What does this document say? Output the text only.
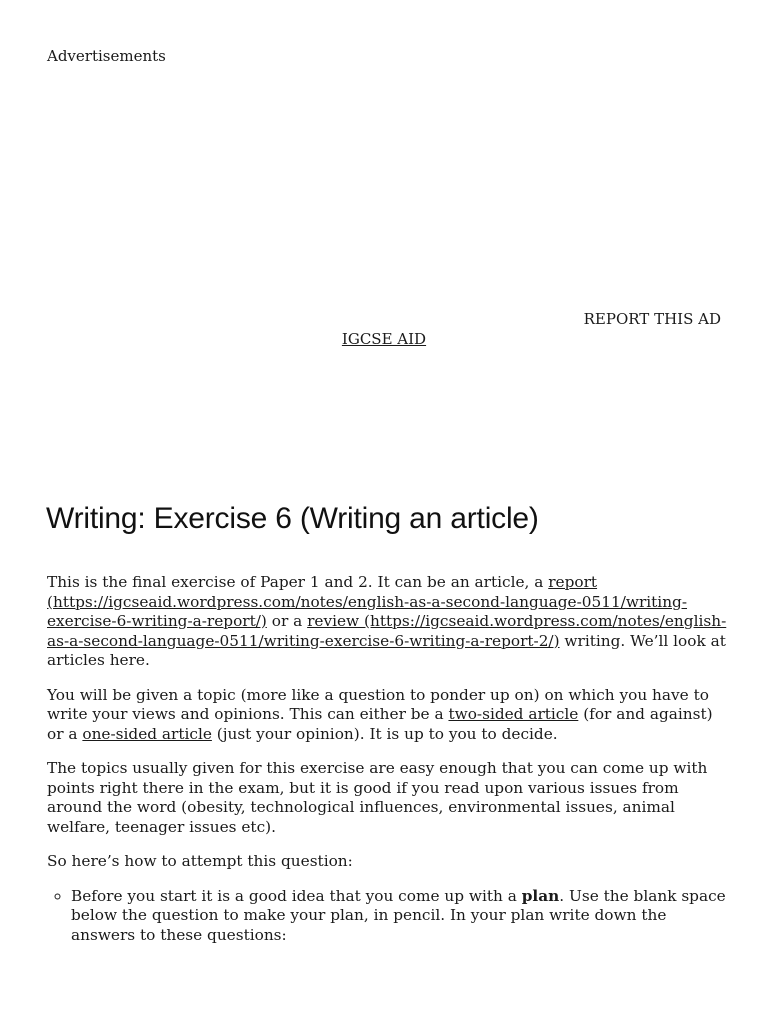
Advertisements
REPORT THIS AD
IGCSE AID
Writing: Exercise 6 (Writing an article)

This is the final exercise of Paper 1 and 2. It can be an article, a report (https://igcseaid.wordpress.com/notes/english-as-a-second-language-0511/writing-exercise-6-writing-a-report/) or a review (https://igcseaid.wordpress.com/notes/english-as-a-second-language-0511/writing-exercise-6-writing-a-report-2/) writing. We’ll look at articles here.

You will be given a topic (more like a question to ponder up on) on which you have to write your views and opinions. This can either be a two-sided article (for and against) or a one-sided article (just your opinion). It is up to you to decide.

The topics usually given for this exercise are easy enough that you can come up with points right there in the exam, but it is good if you read upon various issues from around the word (obesity, technological influences, environmental issues, animal welfare, teenager issues etc).

So here’s how to attempt this question:

◦ Before you start it is a good idea that you come up with a plan. Use the blank space below the question to make your plan, in pencil. In your plan write down the answers to these questions:
